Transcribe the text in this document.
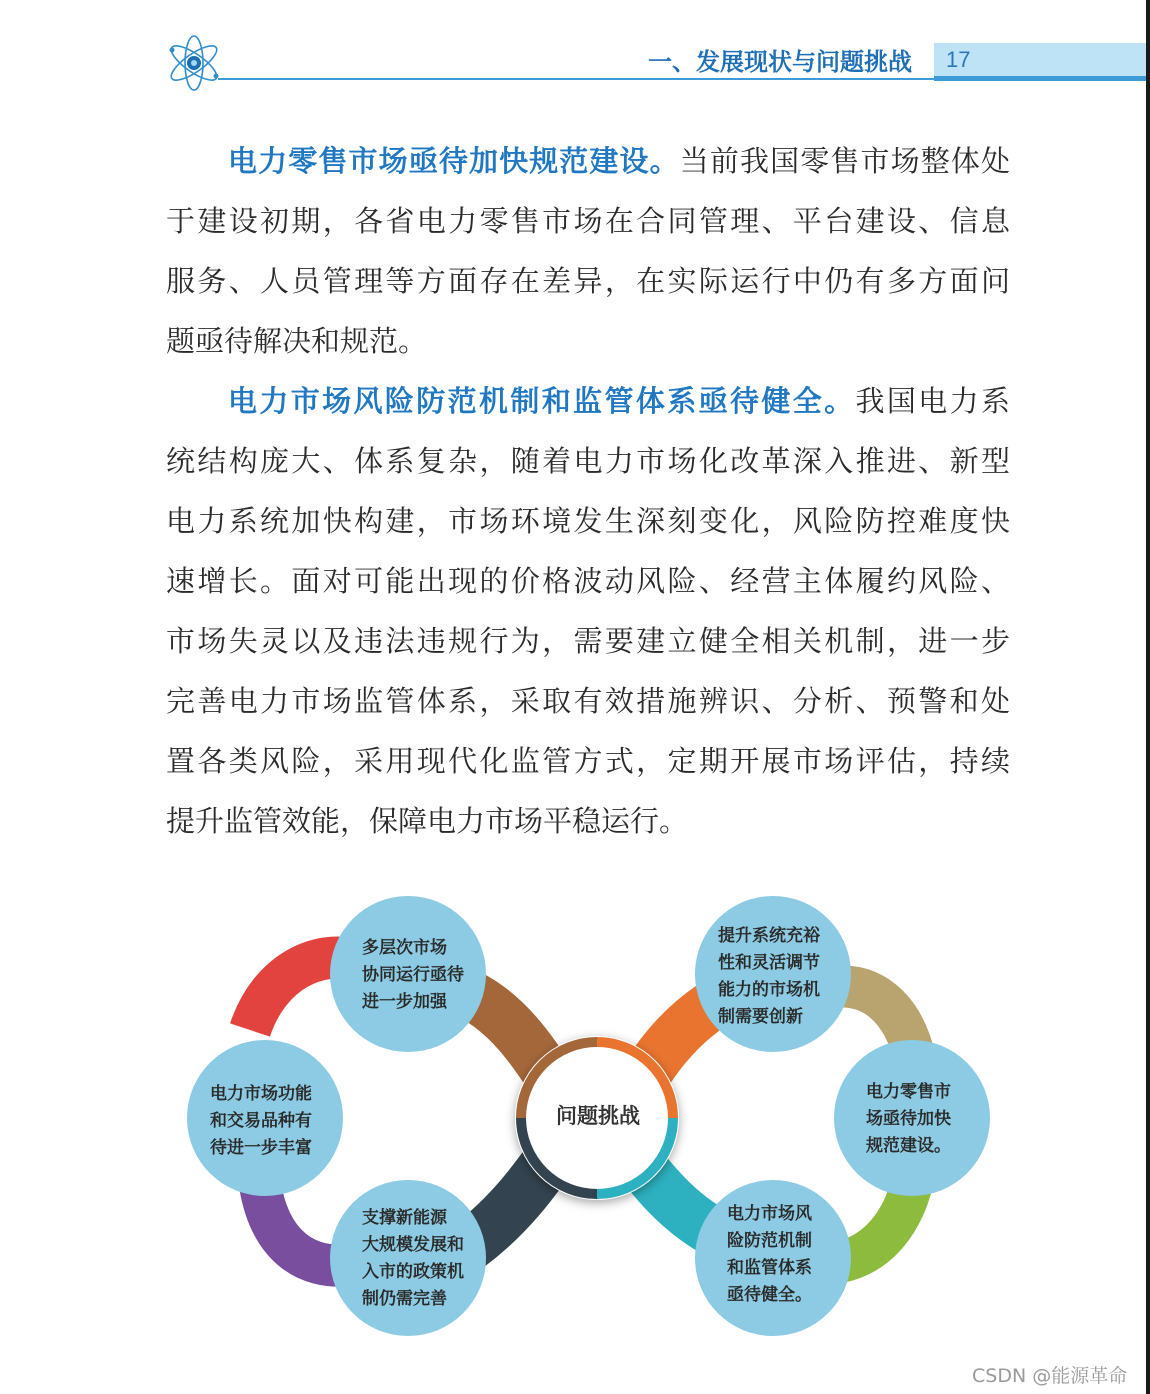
一、发展现状与问题挑战 17
电力零售市场亟待加快规范建设。当前我国零售市场整体处
于建设初期，各省电力零售市场在合同管理、平台建设、信息
服务、人员管理等方面存在差异，在实际运行中仍有多方面问
题亟待解决和规范。
电力市场风险防范机制和监管体系亟待健全。我国电力系
统结构庞大、体系复杂，随着电力市场化改革深入推进、新型
电力系统加快构建，市场环境发生深刻变化，风险防控难度快
速增长。面对可能出现的价格波动风险、经营主体履约风险、
市场失灵以及违法违规行为，需要建立健全相关机制，进一步
完善电力市场监管体系，采取有效措施辨识、分析、预警和处
置各类风险，采用现代化监管方式，定期开展市场评估，持续
提升监管效能，保障电力市场平稳运行。
问题挑战
多层次市场
协同运行亟待
进一步加强
电力市场功能
和交易品种有
待进一步丰富
支撑新能源
大规模发展和
入市的政策机
制仍需完善
提升系统充裕
性和灵活调节
能力的市场机
制需要创新
电力零售市
场亟待加快
规范建设。
电力市场风
险防范机制
和监管体系
亟待健全。
CSDN @能源革命
